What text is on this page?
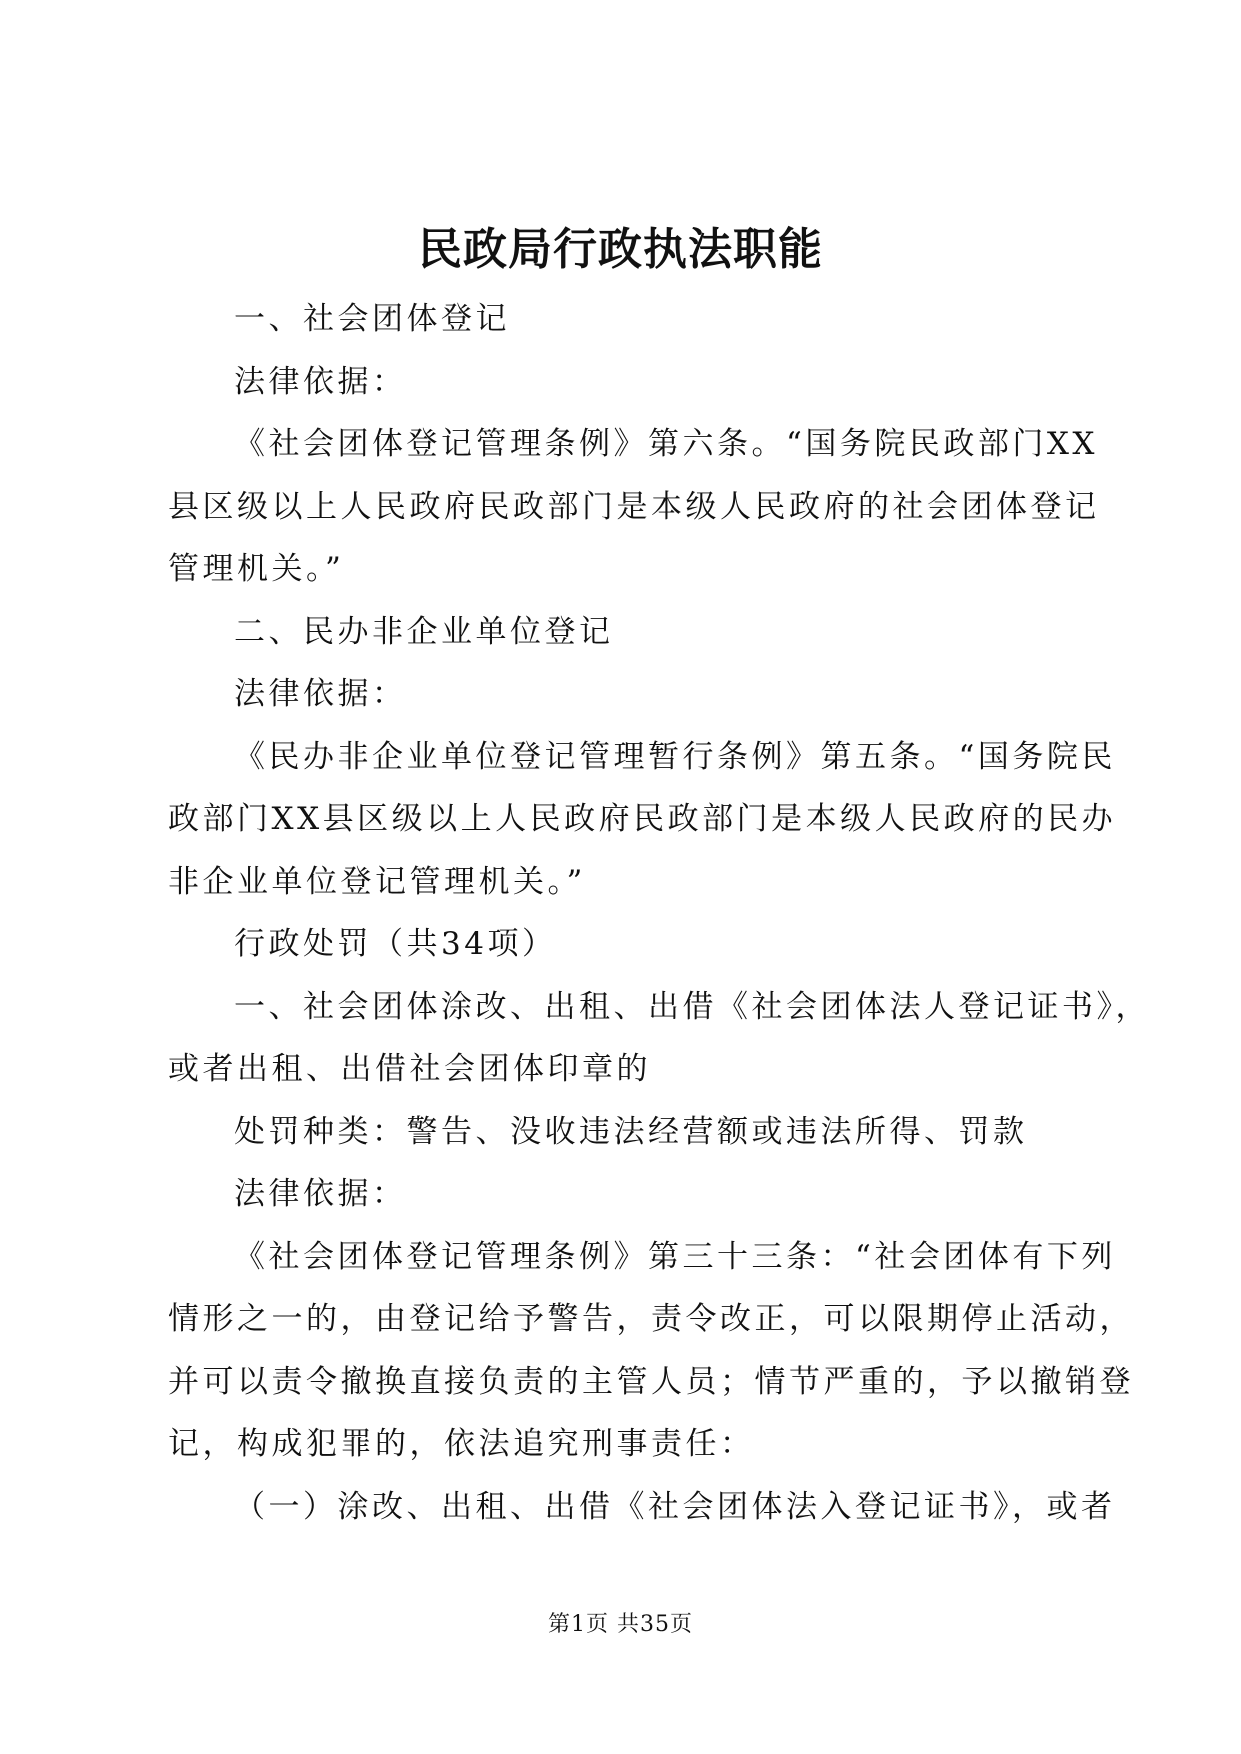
民政局行政执法职能

一、社会团体登记

法律依据：

《社会团体登记管理条例》第六条。“国务院民政部门XX
县区级以上人民政府民政部门是本级人民政府的社会团体登记
管理机关。”

二、民办非企业单位登记

法律依据：

《民办非企业单位登记管理暂行条例》第五条。“国务院民
政部门XX县区级以上人民政府民政部门是本级人民政府的民办
非企业单位登记管理机关。”

行政处罚（共34项）

一、社会团体涂改、出租、出借《社会团体法人登记证书》，
或者出租、出借社会团体印章的

处罚种类：警告、没收违法经营额或违法所得、罚款

法律依据：

《社会团体登记管理条例》第三十三条：“社会团体有下列
情形之一的，由登记给予警告，责令改正，可以限期停止活动，
并可以责令撤换直接负责的主管人员；情节严重的，予以撤销登
记，构成犯罪的，依法追究刑事责任：

（一）涂改、出租、出借《社会团体法入登记证书》，或者

第1页 共35页
